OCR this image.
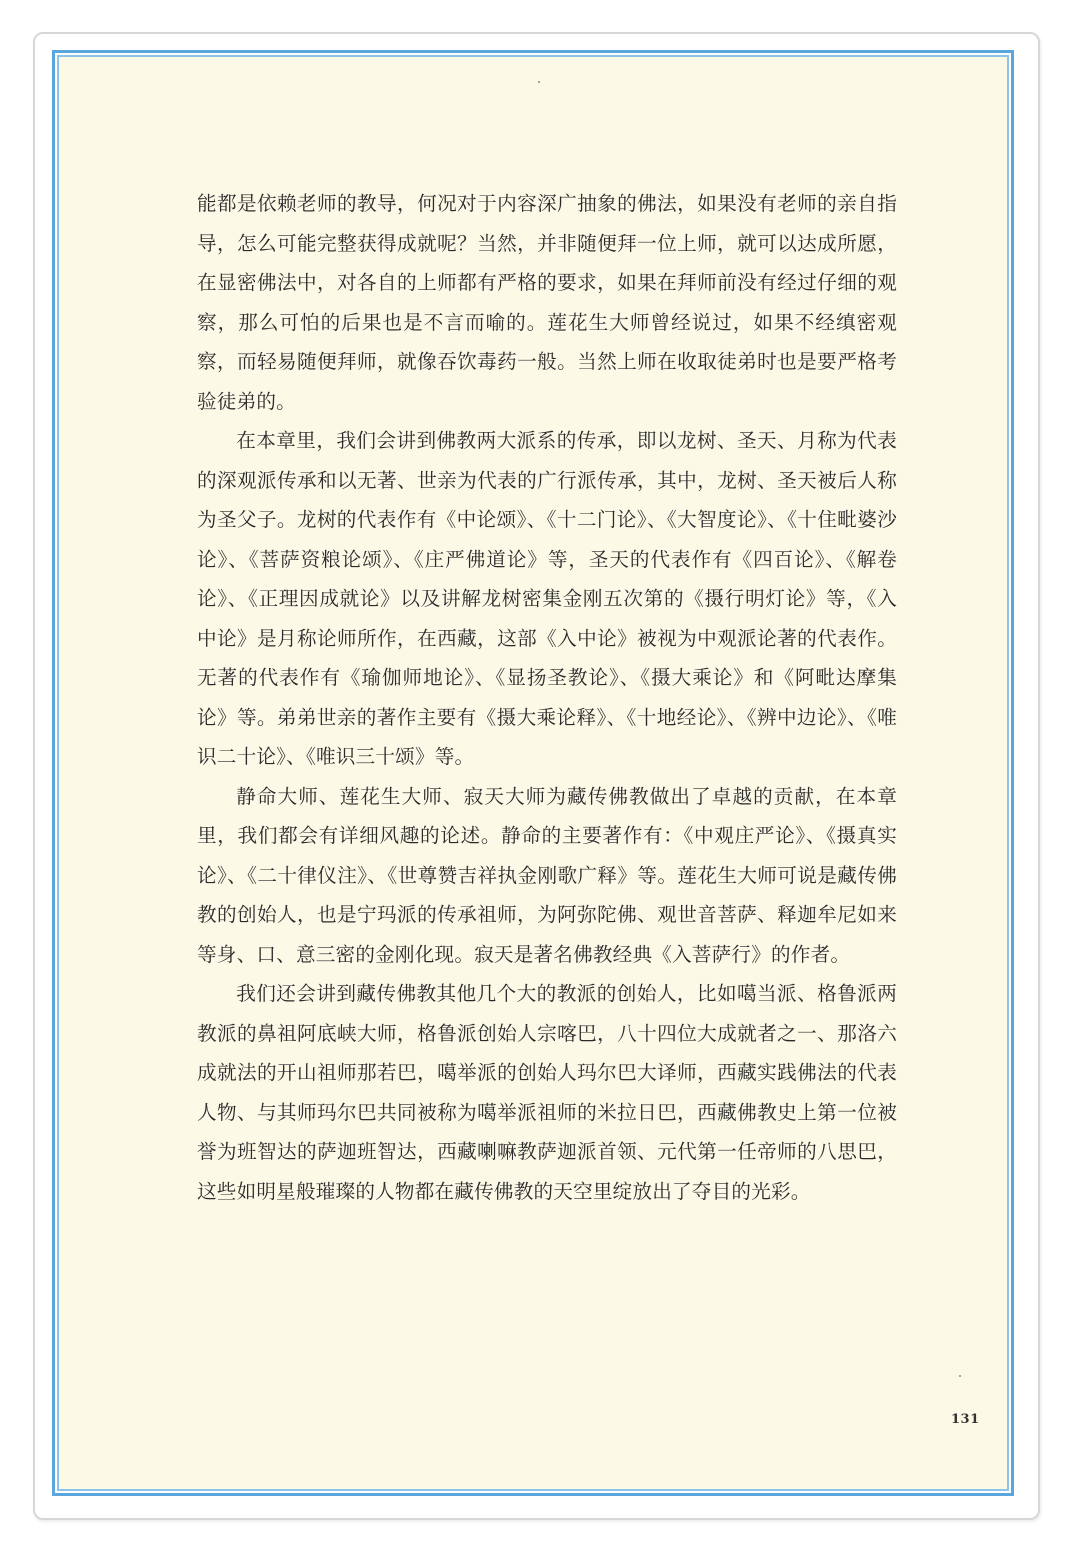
能都是依赖老师的教导，何况对于内容深广抽象的佛法，如果没有老师的亲自指导，怎么可能完整获得成就呢？当然，并非随便拜一位上师，就可以达成所愿，在显密佛法中，对各自的上师都有严格的要求，如果在拜师前没有经过仔细的观察，那么可怕的后果也是不言而喻的。莲花生大师曾经说过，如果不经缜密观察，而轻易随便拜师，就像吞饮毒药一般。当然上师在收取徒弟时也是要严格考验徒弟的。

在本章里，我们会讲到佛教两大派系的传承，即以龙树、圣天、月称为代表的深观派传承和以无著、世亲为代表的广行派传承，其中，龙树、圣天被后人称为圣父子。龙树的代表作有《中论颂》、《十二门论》、《大智度论》、《十住毗婆沙论》、《菩萨资粮论颂》、《庄严佛道论》等，圣天的代表作有《四百论》、《解卷论》、《正理因成就论》以及讲解龙树密集金刚五次第的《摄行明灯论》等，《入中论》是月称论师所作，在西藏，这部《入中论》被视为中观派论著的代表作。无著的代表作有《瑜伽师地论》、《显扬圣教论》、《摄大乘论》和《阿毗达摩集论》等。弟弟世亲的著作主要有《摄大乘论释》、《十地经论》、《辨中边论》、《唯识二十论》、《唯识三十颂》等。

静命大师、莲花生大师、寂天大师为藏传佛教做出了卓越的贡献，在本章里，我们都会有详细风趣的论述。静命的主要著作有：《中观庄严论》、《摄真实论》、《二十律仪注》、《世尊赞吉祥执金刚歌广释》等。莲花生大师可说是藏传佛教的创始人，也是宁玛派的传承祖师，为阿弥陀佛、观世音菩萨、释迦牟尼如来等身、口、意三密的金刚化现。寂天是著名佛教经典《入菩萨行》的作者。

我们还会讲到藏传佛教其他几个大的教派的创始人，比如噶当派、格鲁派两教派的鼻祖阿底峡大师，格鲁派创始人宗喀巴，八十四位大成就者之一、那洛六成就法的开山祖师那若巴，噶举派的创始人玛尔巴大译师，西藏实践佛法的代表人物、与其师玛尔巴共同被称为噶举派祖师的米拉日巴，西藏佛教史上第一位被誉为班智达的萨迦班智达，西藏喇嘛教萨迦派首领、元代第一任帝师的八思巴，这些如明星般璀璨的人物都在藏传佛教的天空里绽放出了夺目的光彩。

131
